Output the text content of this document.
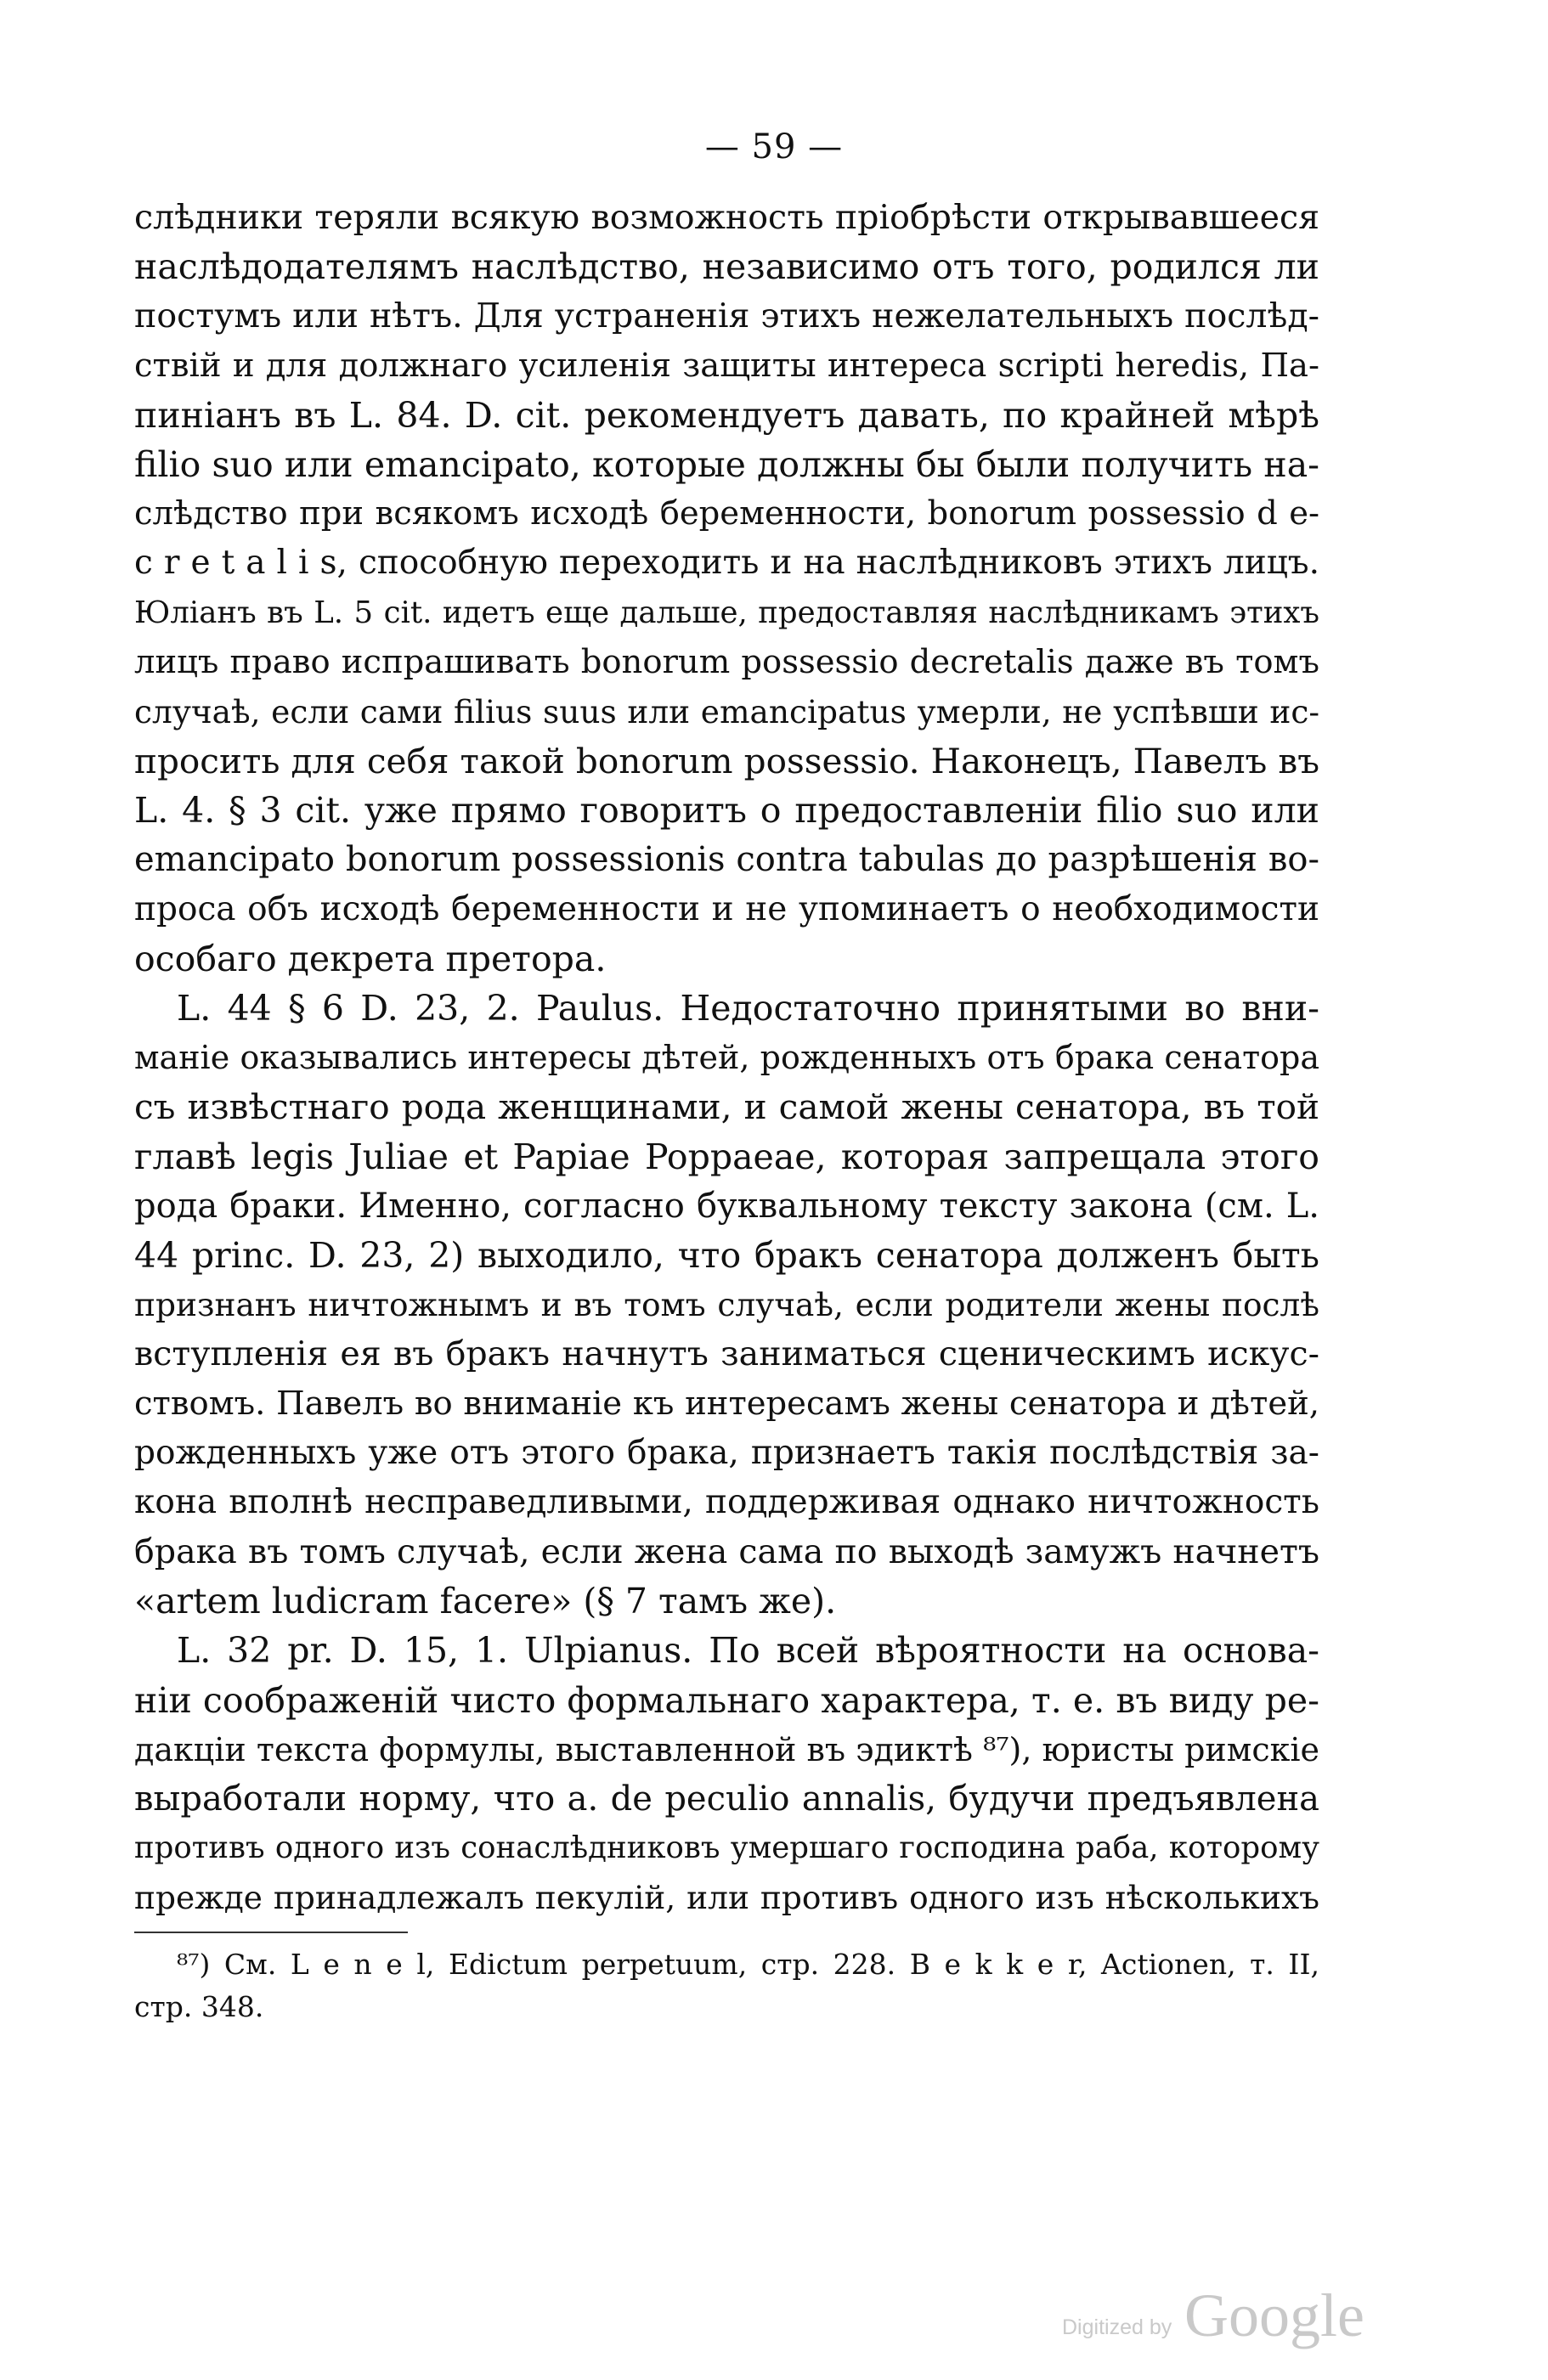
— 59 —
слѣдники теряли всякую возможность пріобрѣсти открывавшееся
наслѣдодателямъ наслѣдство, независимо отъ того, родился ли
постумъ или нѣтъ. Для устраненія этихъ нежелательныхъ послѣд-
ствій и для должнаго усиленія защиты интереса scripti heredis, Па-
пиніанъ въ L. 84. D. cit. рекомендуетъ давать, по крайней мѣрѣ
filio suo или emancipato, которые должны бы были получить на-
слѣдство при всякомъ исходѣ беременности, bonorum possessio d e-
c r e t a l i s, способную переходить и на наслѣдниковъ этихъ лицъ.
Юліанъ въ L. 5 cit. идетъ еще дальше, предоставляя наслѣдникамъ этихъ
лицъ право испрашивать bonorum possessio decretalis даже въ томъ
случаѣ, если сами filius suus или emancipatus умерли, не успѣвши ис-
просить для себя такой bonorum possessio. Наконецъ, Павелъ въ
L. 4. § 3 cit. уже прямо говоритъ о предоставленіи filio suo или
emancipato bonorum possessionis contra tabulas до разрѣшенія во-
проса объ исходѣ беременности и не упоминаетъ о необходимости
особаго декрета претора.
L. 44 § 6 D. 23, 2. Paulus. Недостаточно принятыми во вни-
маніе оказывались интересы дѣтей, рожденныхъ отъ брака сенатора
съ извѣстнаго рода женщинами, и самой жены сенатора, въ той
главѣ legis Juliae et Papiae Poppaeae, которая запрещала этого
рода браки. Именно, согласно буквальному тексту закона (см. L.
44 princ. D. 23, 2) выходило, что бракъ сенатора долженъ быть
признанъ ничтожнымъ и въ томъ случаѣ, если родители жены послѣ
вступленія ея въ бракъ начнутъ заниматься сценическимъ искус-
ствомъ. Павелъ во вниманіе къ интересамъ жены сенатора и дѣтей,
рожденныхъ уже отъ этого брака, признаетъ такія послѣдствія за-
кона вполнѣ несправедливыми, поддерживая однако ничтожность
брака въ томъ случаѣ, если жена сама по выходѣ замужъ начнетъ
«artem ludicram facere» (§ 7 тамъ же).
L. 32 pr. D. 15, 1. Ulpianus. По всей вѣроятности на основа-
ніи соображеній чисто формальнаго характера, т. е. въ виду ре-
дакціи текста формулы, выставленной въ эдиктѣ ⁸⁷), юристы римскіе
выработали норму, что a. de peculio annalis, будучи предъявлена
противъ одного изъ сонаслѣдниковъ умершаго господина раба, которому
прежде принадлежалъ пекулій, или противъ одного изъ нѣсколькихъ
⁸⁷) См. L e n e l, Edictum perpetuum, стр. 228. B e k k e r, Actionen, т. II,
стр. 348.
Digitized by Google
